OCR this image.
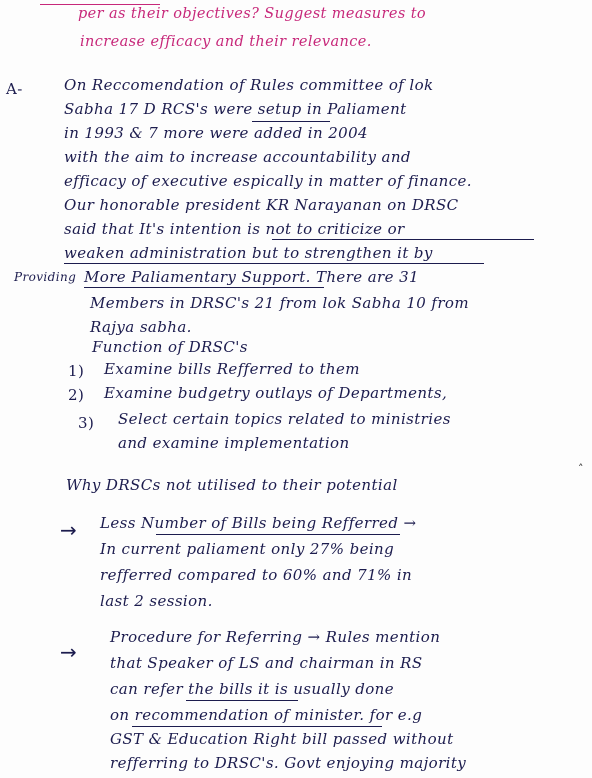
per as their objectives? Suggest measures to
increase efficacy and their relevance.
A-	On Reccomendation of Rules committee of lok
Sabha 17 D RCS's were setup in Paliament
in 1993 & 7 more were added in 2004
with the aim to increase accountability and
efficacy of executive espically in matter of finance.
Our honorable president KR Narayanan on DRSC
said that It's intention is not to criticize or
weaken administration but to strengthen it by
Providing More Paliamentary Support. There are 31
Members in DRSC's 21 from lok Sabha 10 from
Rajya sabha.
Function of DRSC's
1) Examine bills Refferred to them
2) Examine budgetry outlays of Departments,
3) Select certain topics related to ministries
and examine implementation
˄
Why DRSCs not utilised to their potential
→ Less Number of Bills being Refferred →
In current paliament only 27% being
refferred compared to 60% and 71% in
last 2 session.
→
Procedure for Referring → Rules mention
that Speaker of LS and chairman in RS
can refer the bills it is usually done
on recommendation of minister. for e.g
GST & Education Right bill passed without
refferring to DRSC's. Govt enjoying majority
